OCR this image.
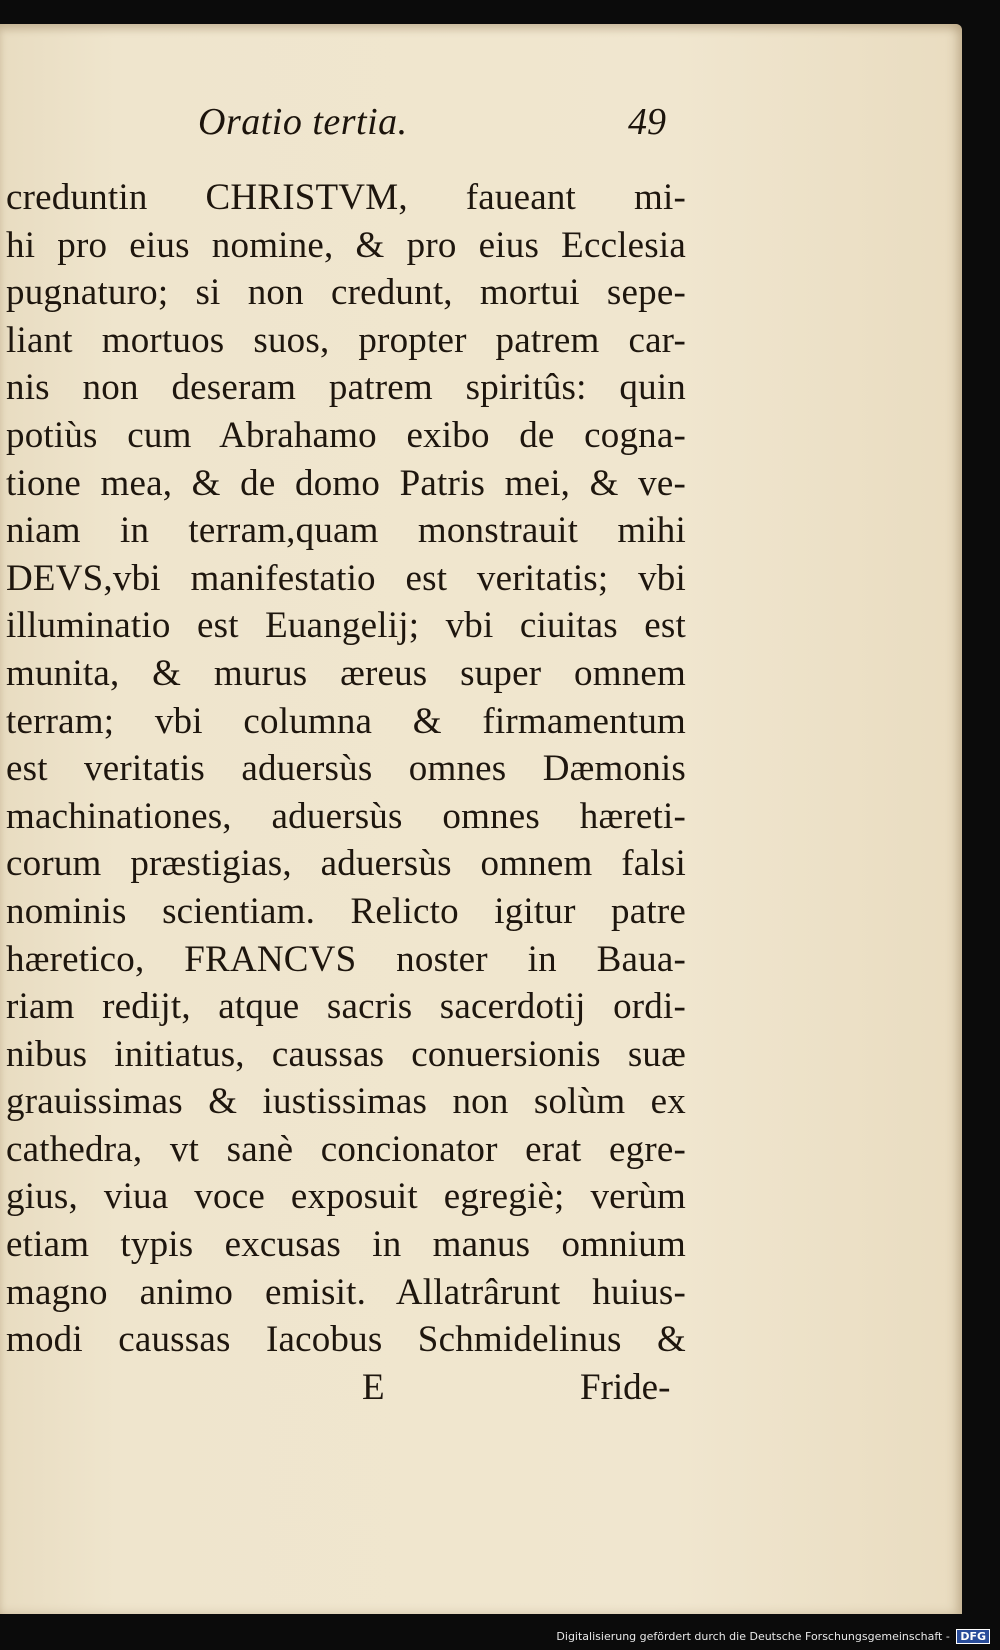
Oratio tertia.	49
creduntin CHRISTVM, faueant mi-
hi pro eius nomine, & pro eius Ecclesia
pugnaturo; si non credunt, mortui sepe-
liant mortuos suos, propter patrem car-
nis non deseram patrem spiritûs: quin
potiùs cum Abrahamo exibo de cogna-
tione mea, & de domo Patris mei, & ve-
niam in terram,quam monstrauit mihi
DEVS,vbi manifestatio est veritatis; vbi
illuminatio est Euangelij; vbi ciuitas est
munita, & murus æreus super omnem
terram; vbi columna & firmamentum
est veritatis aduersùs omnes Dæmonis
machinationes, aduersùs omnes hæreti-
corum præstigias, aduersùs omnem falsi
nominis scientiam. Relicto igitur patre
hæretico, FRANCVS noster in Bauа-
riam redijt, atque sacris sacerdotij ordi-
nibus initiatus, caussas conuersionis suæ
grauissimas & iustissimas non solùm ex
cathedra, vt sanè concionator erat egre-
gius, viua voce exposuit egregiè; verùm
etiam typis excusas in manus omnium
magno animo emisit. Allatrârunt huius-
modi caussas Iacobus Schmidelinus &
E	Fride-
Digitalisierung gefördert durch die Deutsche Forschungsgemeinschaft - DFG
